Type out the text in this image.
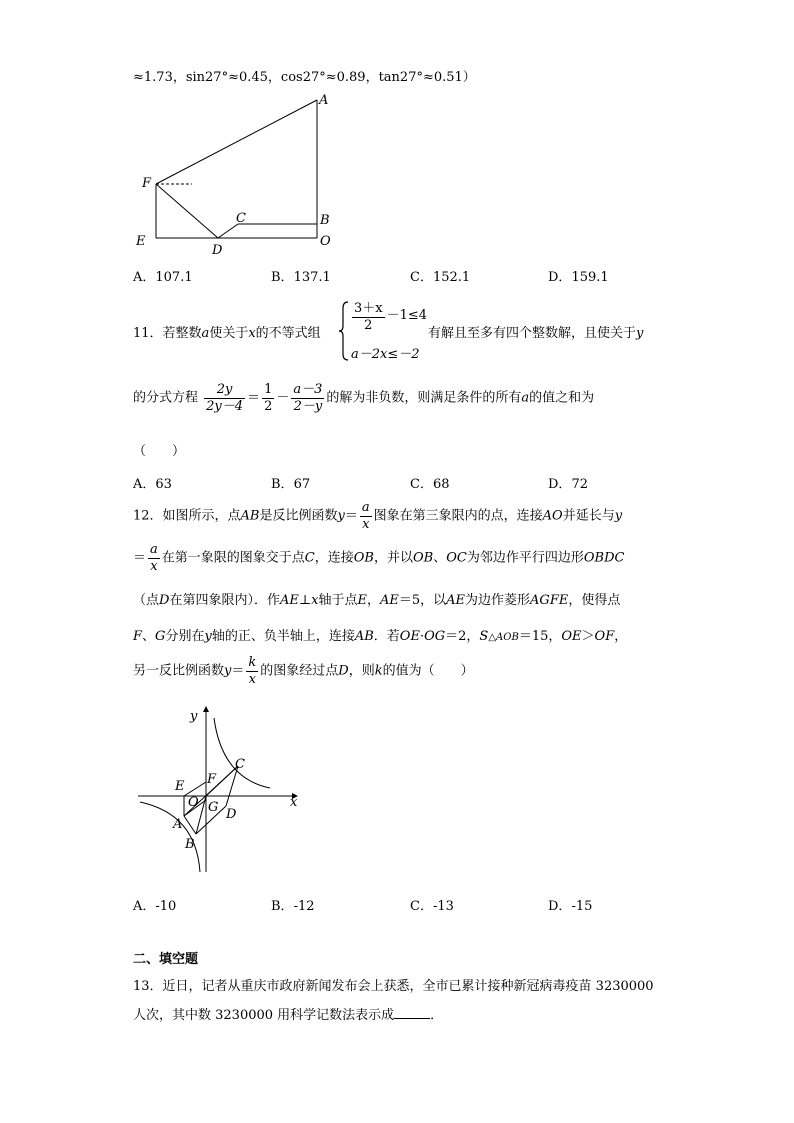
≈1.73，sin27°≈0.45，cos27°≈0.89，tan27°≈0.51）
A
B
C
D
E
F
O
A．107.1	B．137.1	C．152.1	D．159.1
11．若整数a使关于x的不等式组 $\frac{3+x}{2} -1\le 4$
a－2x≤－2
有解且至多有四个整数解，且使关于y
的分式方程 $\frac{2y}{2y-4} = \frac{1}{2} - \frac{a-3}{2-y}$ 的解为非负数，则满足条件的所有a的值之和为
（　　）
A．63	B．67	C．68	D．72
12．如图所示，点AB是反比例函数$y= \frac{a}{x}$ 图象在第三象限内的点，连接AO并延长与y
＝ $\frac{a}{x}$ 在第一象限的图象交于点C，连接OB，并以OB、OC为邻边作平行四边形OBDC
（点D在第四象限内）．作AE⊥x轴于点E，AE＝5，以AE为边作菱形AGFE，使得点
F、G分别在y轴的正、负半轴上，连接AB．若OE·OG＝2，S△AOB＝15，OE＞OF，
另一反比例函数$y= \frac{k}{x}$ 的图象经过点D，则k的值为（　　）
y
x
C
E F
O G D
A
B
A．-10	B．-12	C．-13	D．-15
二、填空题
13．近日，记者从重庆市政府新闻发布会上获悉，全市已累计接种新冠病毒疫苗 3230000
人次，其中数 3230000 用科学记数法表示成	．
